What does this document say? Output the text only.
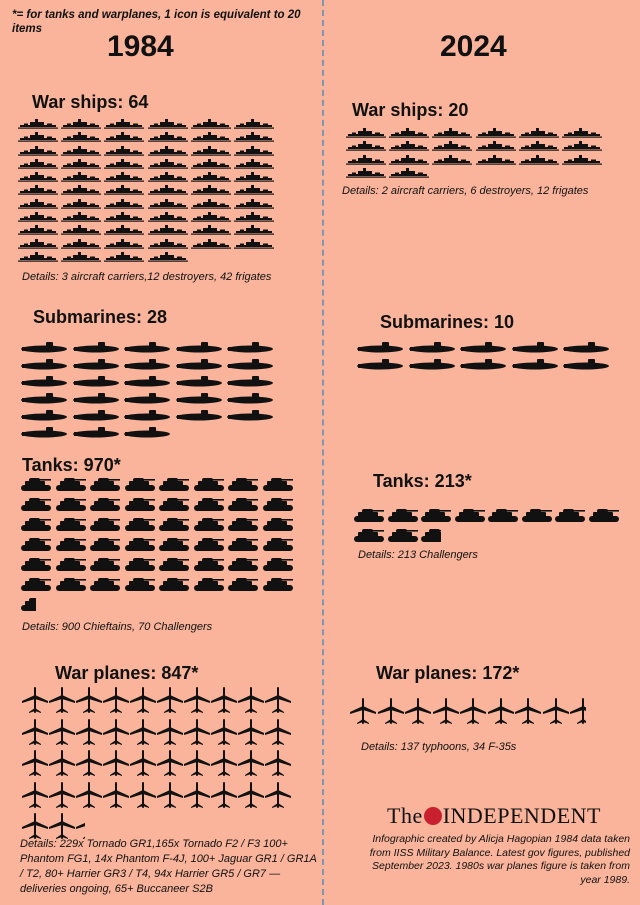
*= for tanks and warplanes, 1 icon is equivalent to 20 items
1984	2024
War ships: 64
Details: 3 aircraft carriers,12 destroyers, 42 frigates
Submarines: 28
Tanks: 970*
Details: 900 Chieftains, 70 Challengers
War planes: 847*
Details: 229x Tornado GR1,165x Tornado F2 / F3 100+ Phantom FG1, 14x Phantom F-4J, 100+ Jaguar GR1 / GR1A / T2, 80+ Harrier GR3 / T4, 94x Harrier GR5 / GR7 — deliveries ongoing, 65+ Buccaneer S2B
War ships: 20
Details: 2 aircraft carriers, 6 destroyers, 12 frigates
Submarines: 10
Tanks: 213*
Details: 213 Challengers
War planes: 172*
Details: 137 typhoons, 34 F-35s
The INDEPENDENT
Infographic created by Alicja Hagopian 1984 data taken from IISS Military Balance. Latest gov figures, published September 2023. 1980s war planes figure is taken from year 1989.
